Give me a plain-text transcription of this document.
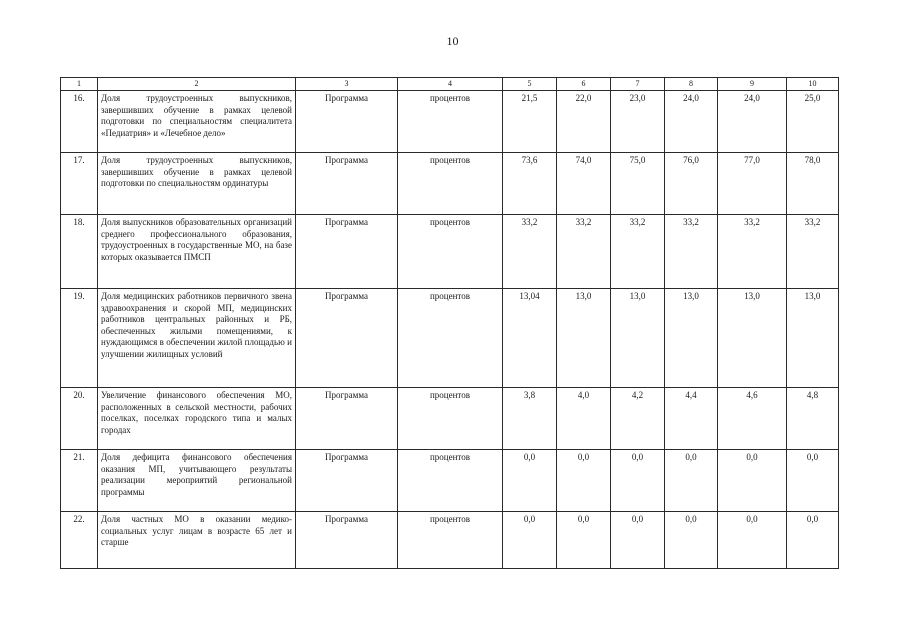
10
1	2	3	4	5	6	7	8	9	10
16.	Доля трудоустроенных выпускников, завершивших обучение в рамках целевой подготовки по специальностям специалитета «Педиатрия» и «Лечебное дело»	Программа	процентов	21,5	22,0	23,0	24,0	24,0	25,0
17.	Доля трудоустроенных выпускников, завершивших обучение в рамках целевой подготовки по специальностям ординатуры	Программа	процентов	73,6	74,0	75,0	76,0	77,0	78,0
18.	Доля выпускников образовательных организаций среднего профессионального образования, трудоустроенных в государственные МО, на базе которых оказывается ПМСП	Программа	процентов	33,2	33,2	33,2	33,2	33,2	33,2
19.	Доля медицинских работников первичного звена здравоохранения и скорой МП, медицинских работников центральных районных и РБ, обеспеченных жилыми помещениями, к нуждающимся в обеспечении жилой площадью и улучшении жилищных условий	Программа	процентов	13,04	13,0	13,0	13,0	13,0	13,0
20.	Увеличение финансового обеспечения МО, расположенных в сельской местности, рабочих поселках, поселках городского типа и малых городах	Программа	процентов	3,8	4,0	4,2	4,4	4,6	4,8
21.	Доля дефицита финансового обеспечения оказания МП, учитывающего результаты реализации мероприятий региональной программы	Программа	процентов	0,0	0,0	0,0	0,0	0,0	0,0
22.	Доля частных МО в оказании медико-социальных услуг лицам в возрасте 65 лет и старше	Программа	процентов	0,0	0,0	0,0	0,0	0,0	0,0
